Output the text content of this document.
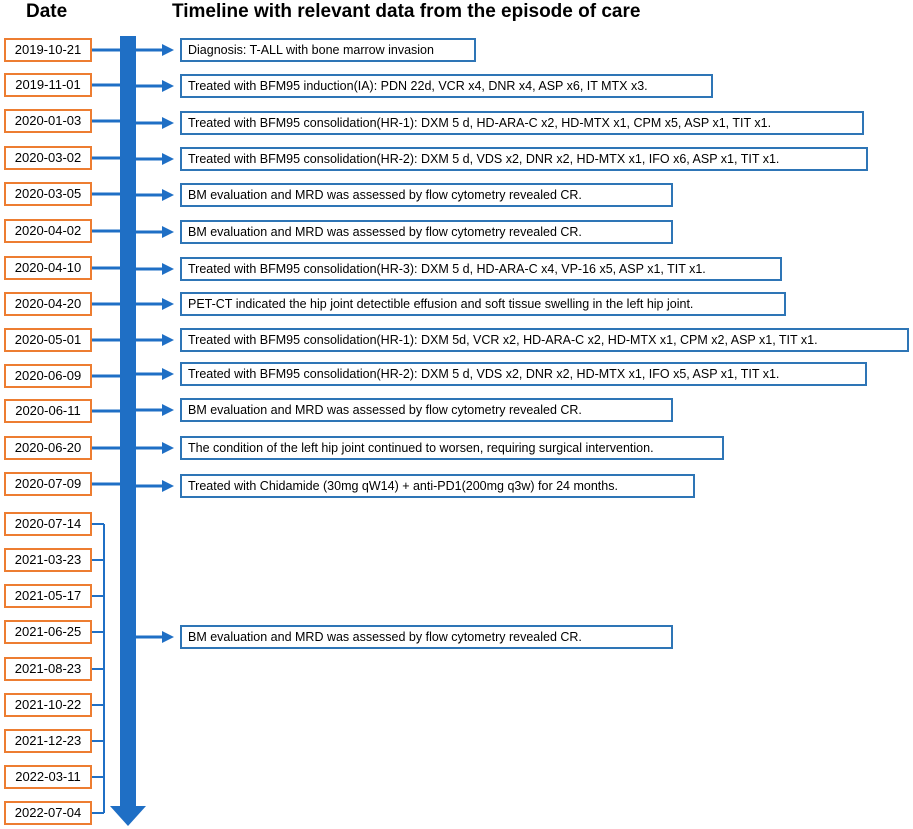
Date	Timeline with relevant data from the episode of care
2019-10-21
2019-11-01
2020-01-03
2020-03-02
2020-03-05
2020-04-02
2020-04-10
2020-04-20
2020-05-01
2020-06-09
2020-06-11
2020-06-20
2020-07-09
2020-07-14
2021-03-23
2021-05-17
2021-06-25
2021-08-23
2021-10-22
2021-12-23
2022-03-11
2022-07-04
Diagnosis: T-ALL with bone marrow invasion
Treated with BFM95 induction(IA): PDN 22d, VCR x4, DNR x4, ASP x6, IT MTX x3.
Treated with BFM95 consolidation(HR-1): DXM 5 d, HD-ARA-C x2, HD-MTX x1, CPM x5, ASP x1, TIT x1.
Treated with BFM95 consolidation(HR-2): DXM 5 d, VDS x2, DNR x2, HD-MTX x1, IFO x6, ASP x1, TIT x1.
BM evaluation and MRD was assessed by flow cytometry revealed CR.
BM evaluation and MRD was assessed by flow cytometry revealed CR.
Treated with BFM95 consolidation(HR-3): DXM 5 d, HD-ARA-C x4, VP-16 x5, ASP x1, TIT x1.
PET-CT indicated the hip joint detectible effusion and soft tissue swelling in the left hip joint.
Treated with BFM95 consolidation(HR-1): DXM 5d, VCR x2, HD-ARA-C x2, HD-MTX x1, CPM x2, ASP x1, TIT x1.
Treated with BFM95 consolidation(HR-2): DXM 5 d, VDS x2, DNR x2, HD-MTX x1, IFO x5, ASP x1, TIT x1.
BM evaluation and MRD was assessed by flow cytometry revealed CR.
The condition of the left hip joint continued to worsen, requiring surgical intervention.
Treated with Chidamide (30mg qW14) + anti-PD1(200mg q3w) for 24 months.
BM evaluation and MRD was assessed by flow cytometry revealed CR.
